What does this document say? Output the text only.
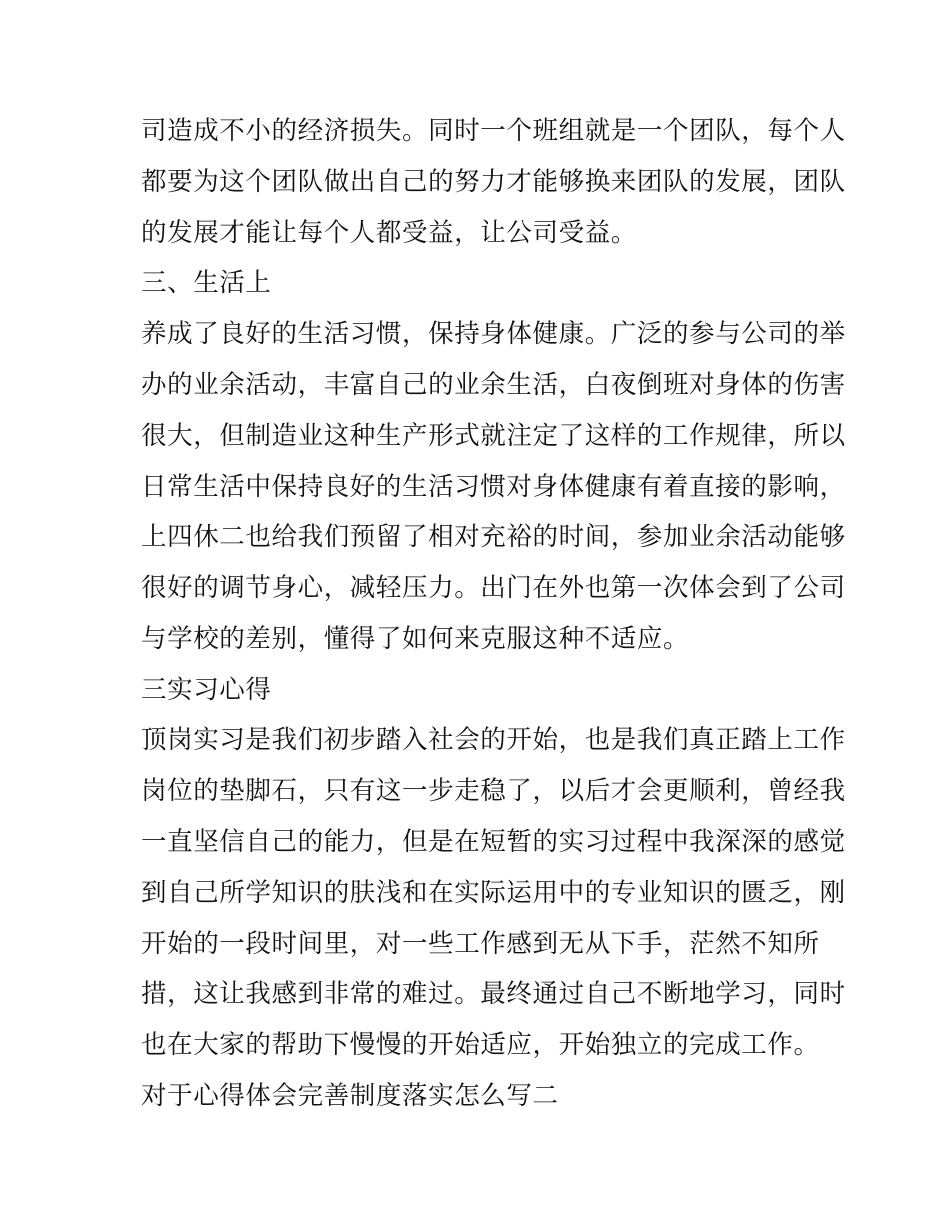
司造成不小的经济损失。同时一个班组就是一个团队，每个人
都要为这个团队做出自己的努力才能够换来团队的发展，团队
的发展才能让每个人都受益，让公司受益。
三、生活上
养成了良好的生活习惯，保持身体健康。广泛的参与公司的举
办的业余活动，丰富自己的业余生活，白夜倒班对身体的伤害
很大，但制造业这种生产形式就注定了这样的工作规律，所以
日常生活中保持良好的生活习惯对身体健康有着直接的影响，
上四休二也给我们预留了相对充裕的时间，参加业余活动能够
很好的调节身心，减轻压力。出门在外也第一次体会到了公司
与学校的差别，懂得了如何来克服这种不适应。
三实习心得
顶岗实习是我们初步踏入社会的开始，也是我们真正踏上工作
岗位的垫脚石，只有这一步走稳了，以后才会更顺利，曾经我
一直坚信自己的能力，但是在短暂的实习过程中我深深的感觉
到自己所学知识的肤浅和在实际运用中的专业知识的匮乏，刚
开始的一段时间里，对一些工作感到无从下手，茫然不知所
措，这让我感到非常的难过。最终通过自己不断地学习，同时
也在大家的帮助下慢慢的开始适应，开始独立的完成工作。
对于心得体会完善制度落实怎么写二
